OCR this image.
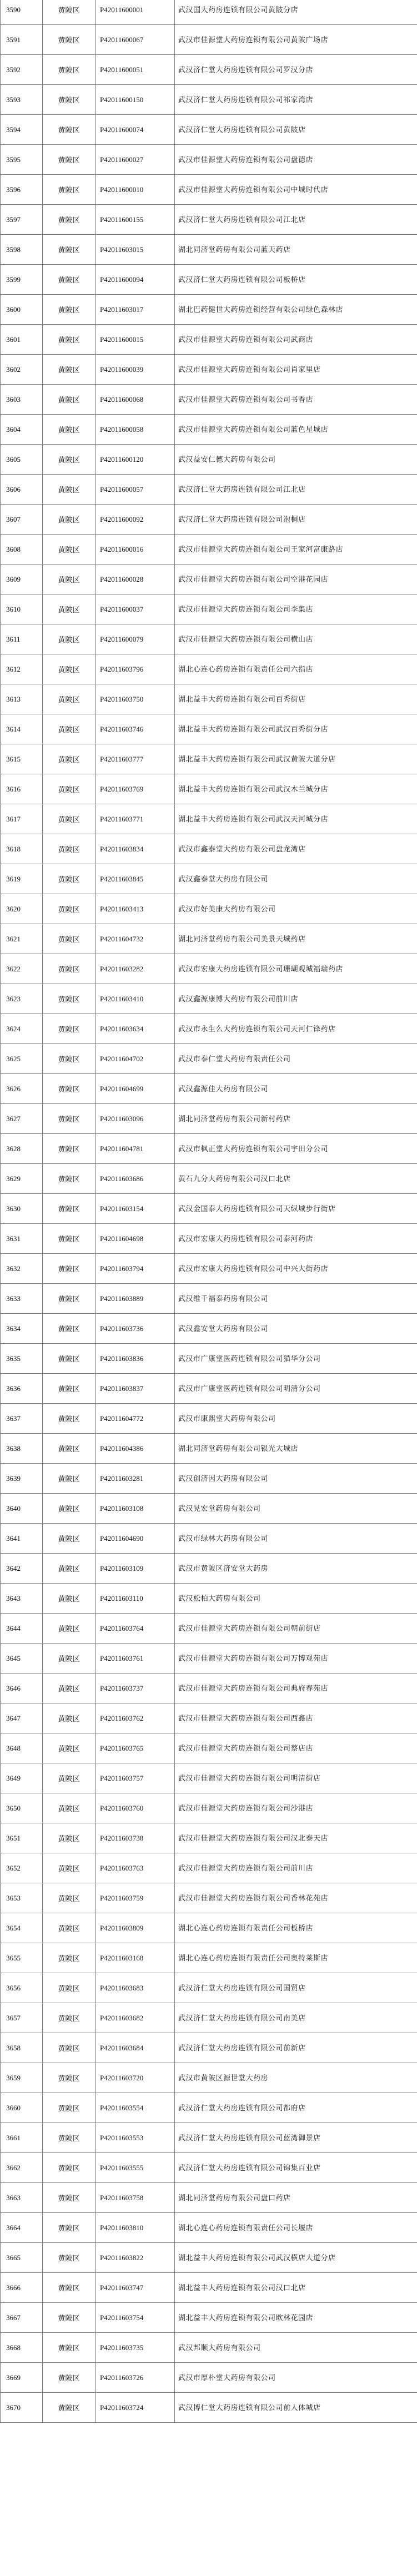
3590	黄陂区	P42011600001	武汉国大药房连锁有限公司黄陂分店
3591	黄陂区	P42011600067	武汉市佳源堂大药房连锁有限公司黄陂广场店
3592	黄陂区	P42011600051	武汉济仁堂大药房连锁有限公司罗汉分店
3593	黄陂区	P42011600150	武汉济仁堂大药房连锁有限公司祁家湾店
3594	黄陂区	P42011600074	武汉济仁堂大药房连锁有限公司黄陂店
3595	黄陂区	P42011600027	武汉市佳源堂大药房连锁有限公司盘德店
3596	黄陂区	P42011600010	武汉市佳源堂大药房连锁有限公司中城时代店
3597	黄陂区	P42011600155	武汉济仁堂大药房连锁有限公司江北店
3598	黄陂区	P42011603015	湖北同济堂药房有限公司蓝天药店
3599	黄陂区	P42011600094	武汉济仁堂大药房连锁有限公司板桥店
3600	黄陂区	P42011603017	湖北巴药健世大药房连锁经营有限公司绿色森林店
3601	黄陂区	P42011600015	武汉市佳源堂大药房连锁有限公司武商店
3602	黄陂区	P42011600039	武汉市佳源堂大药房连锁有限公司肖家里店
3603	黄陂区	P42011600068	武汉市佳源堂大药房连锁有限公司书香店
3604	黄陂区	P42011600058	武汉市佳源堂大药房连锁有限公司蓝色星城店
3605	黄陂区	P42011600120	武汉益安仁德大药房有限公司
3606	黄陂区	P42011600057	武汉济仁堂大药房连锁有限公司江北店
3607	黄陂区	P42011600092	武汉济仁堂大药房连锁有限公司泡桐店
3608	黄陂区	P42011600016	武汉市佳源堂大药房连锁有限公司王家河富康路店
3609	黄陂区	P42011600028	武汉市佳源堂大药房连锁有限公司空港花园店
3610	黄陂区	P42011600037	武汉市佳源堂大药房连锁有限公司李集店
3611	黄陂区	P42011600079	武汉市佳源堂大药房连锁有限公司横山店
3612	黄陂区	P42011603796	湖北心连心药房连锁有限责任公司六指店
3613	黄陂区	P42011603750	湖北益丰大药房连锁有限公司百秀街店
3614	黄陂区	P42011603746	湖北益丰大药房连锁有限公司武汉百秀街分店
3615	黄陂区	P42011603777	湖北益丰大药房连锁有限公司武汉黄陂大道分店
3616	黄陂区	P42011603769	湖北益丰大药房连锁有限公司武汉木兰城分店
3617	黄陂区	P42011603771	湖北益丰大药房连锁有限公司武汉天河城分店
3618	黄陂区	P42011603834	武汉市鑫泰堂大药房有限公司盘龙湾店
3619	黄陂区	P42011603845	武汉鑫泰堂大药房有限公司
3620	黄陂区	P42011603413	武汉市好美康大药房有限公司
3621	黄陂区	P42011604732	湖北同济堂药房有限公司美景天城药店
3622	黄陂区	P42011603282	武汉市宏康大药房连锁有限公司珊瑚观城福瑞药店
3623	黄陂区	P42011603410	武汉鑫源康博大药房有限公司前川店
3624	黄陂区	P42011603634	武汉市永生么大药房连锁有限公司天河仁锋药店
3625	黄陂区	P42011604702	武汉市泰仁堂大药房有限责任公司
3626	黄陂区	P42011604699	武汉鑫源佳大药房有限公司
3627	黄陂区	P42011603096	湖北同济堂药房有限公司新村药店
3628	黄陂区	P42011604781	武汉市枫正堂大药房连锁有限公司宇田分公司
3629	黄陂区	P42011603686	黄石九分大药房有限公司汉口北店
3630	黄陂区	P42011603154	武汉金国泰大药房连锁有限公司天纵城步行街店
3631	黄陂区	P42011604698	武汉市宏康大药房连锁有限公司泰河药店
3632	黄陂区	P42011603794	武汉市宏康大药房连锁有限公司中兴大街药店
3633	黄陂区	P42011603889	武汉维千福泰药房有限公司
3634	黄陂区	P42011603736	武汉鑫安堂大药房有限公司
3635	黄陂区	P42011603836	武汉市广康堂医药连锁有限公司猫华分公司
3636	黄陂区	P42011603837	武汉市广康堂医药连锁有限公司明清分公司
3637	黄陂区	P42011604772	武汉市康熙堂大药房有限公司
3638	黄陂区	P42011604386	湖北同济堂药房有限公司银光大城店
3639	黄陂区	P42011603281	武汉创济因大药房有限公司
3640	黄陂区	P42011603108	武汉晃宏堂药房有限公司
3641	黄陂区	P42011604690	武汉市绿林大药房有限公司
3642	黄陂区	P42011603109	武汉市黄陂区济安堂大药房
3643	黄陂区	P42011603110	武汉松柏大药房有限公司
3644	黄陂区	P42011603764	武汉市佳源堂大药房连锁有限公司朝前街店
3645	黄陂区	P42011603761	武汉市佳源堂大药房连锁有限公司万博观苑店
3646	黄陂区	P42011603737	武汉市佳源堂大药房连锁有限公司典府春苑店
3647	黄陂区	P42011603762	武汉市佳源堂大药房连锁有限公司西鑫店
3648	黄陂区	P42011603765	武汉市佳源堂大药房连锁有限公司蔡店店
3649	黄陂区	P42011603757	武汉市佳源堂大药房连锁有限公司明清街店
3650	黄陂区	P42011603760	武汉市佳源堂大药房连锁有限公司沙港店
3651	黄陂区	P42011603738	武汉市佳源堂大药房连锁有限公司汉北泰天店
3652	黄陂区	P42011603763	武汉市佳源堂大药房连锁有限公司前川店
3653	黄陂区	P42011603759	武汉市佳源堂大药房连锁有限公司香林花苑店
3654	黄陂区	P42011603809	湖北心连心药房连锁有限责任公司板桥店
3655	黄陂区	P42011603168	湖北心连心药房连锁有限责任公司奥特莱斯店
3656	黄陂区	P42011603683	武汉济仁堂大药房连锁有限公司国贸店
3657	黄陂区	P42011603682	武汉济仁堂大药房连锁有限公司南美店
3658	黄陂区	P42011603684	武汉济仁堂大药房连锁有限公司前新店
3659	黄陂区	P42011603720	武汉市黄陂区源世堂大药房
3660	黄陂区	P42011603554	武汉济仁堂大药房连锁有限公司都府店
3661	黄陂区	P42011603553	武汉济仁堂大药房连锁有限公司蓝湾御景店
3662	黄陂区	P42011603555	武汉济仁堂大药房连锁有限公司锦集百业店
3663	黄陂区	P42011603758	湖北同济堂药房有限公司盘口药店
3664	黄陂区	P42011603810	湖北心连心药房连锁有限责任公司长堰店
3665	黄陂区	P42011603822	湖北益丰大药房连锁有限公司武汉横店大道分店
3666	黄陂区	P42011603747	湖北益丰大药房连锁有限公司汉口北店
3667	黄陂区	P42011603754	湖北益丰大药房连锁有限公司欧林花园店
3668	黄陂区	P42011603735	武汉邦顺大药房有限公司
3669	黄陂区	P42011603726	武汉市厚朴堂大药房有限公司
3670	黄陂区	P42011603724	武汉博仁堂大药房连锁有限公司前人体城店
